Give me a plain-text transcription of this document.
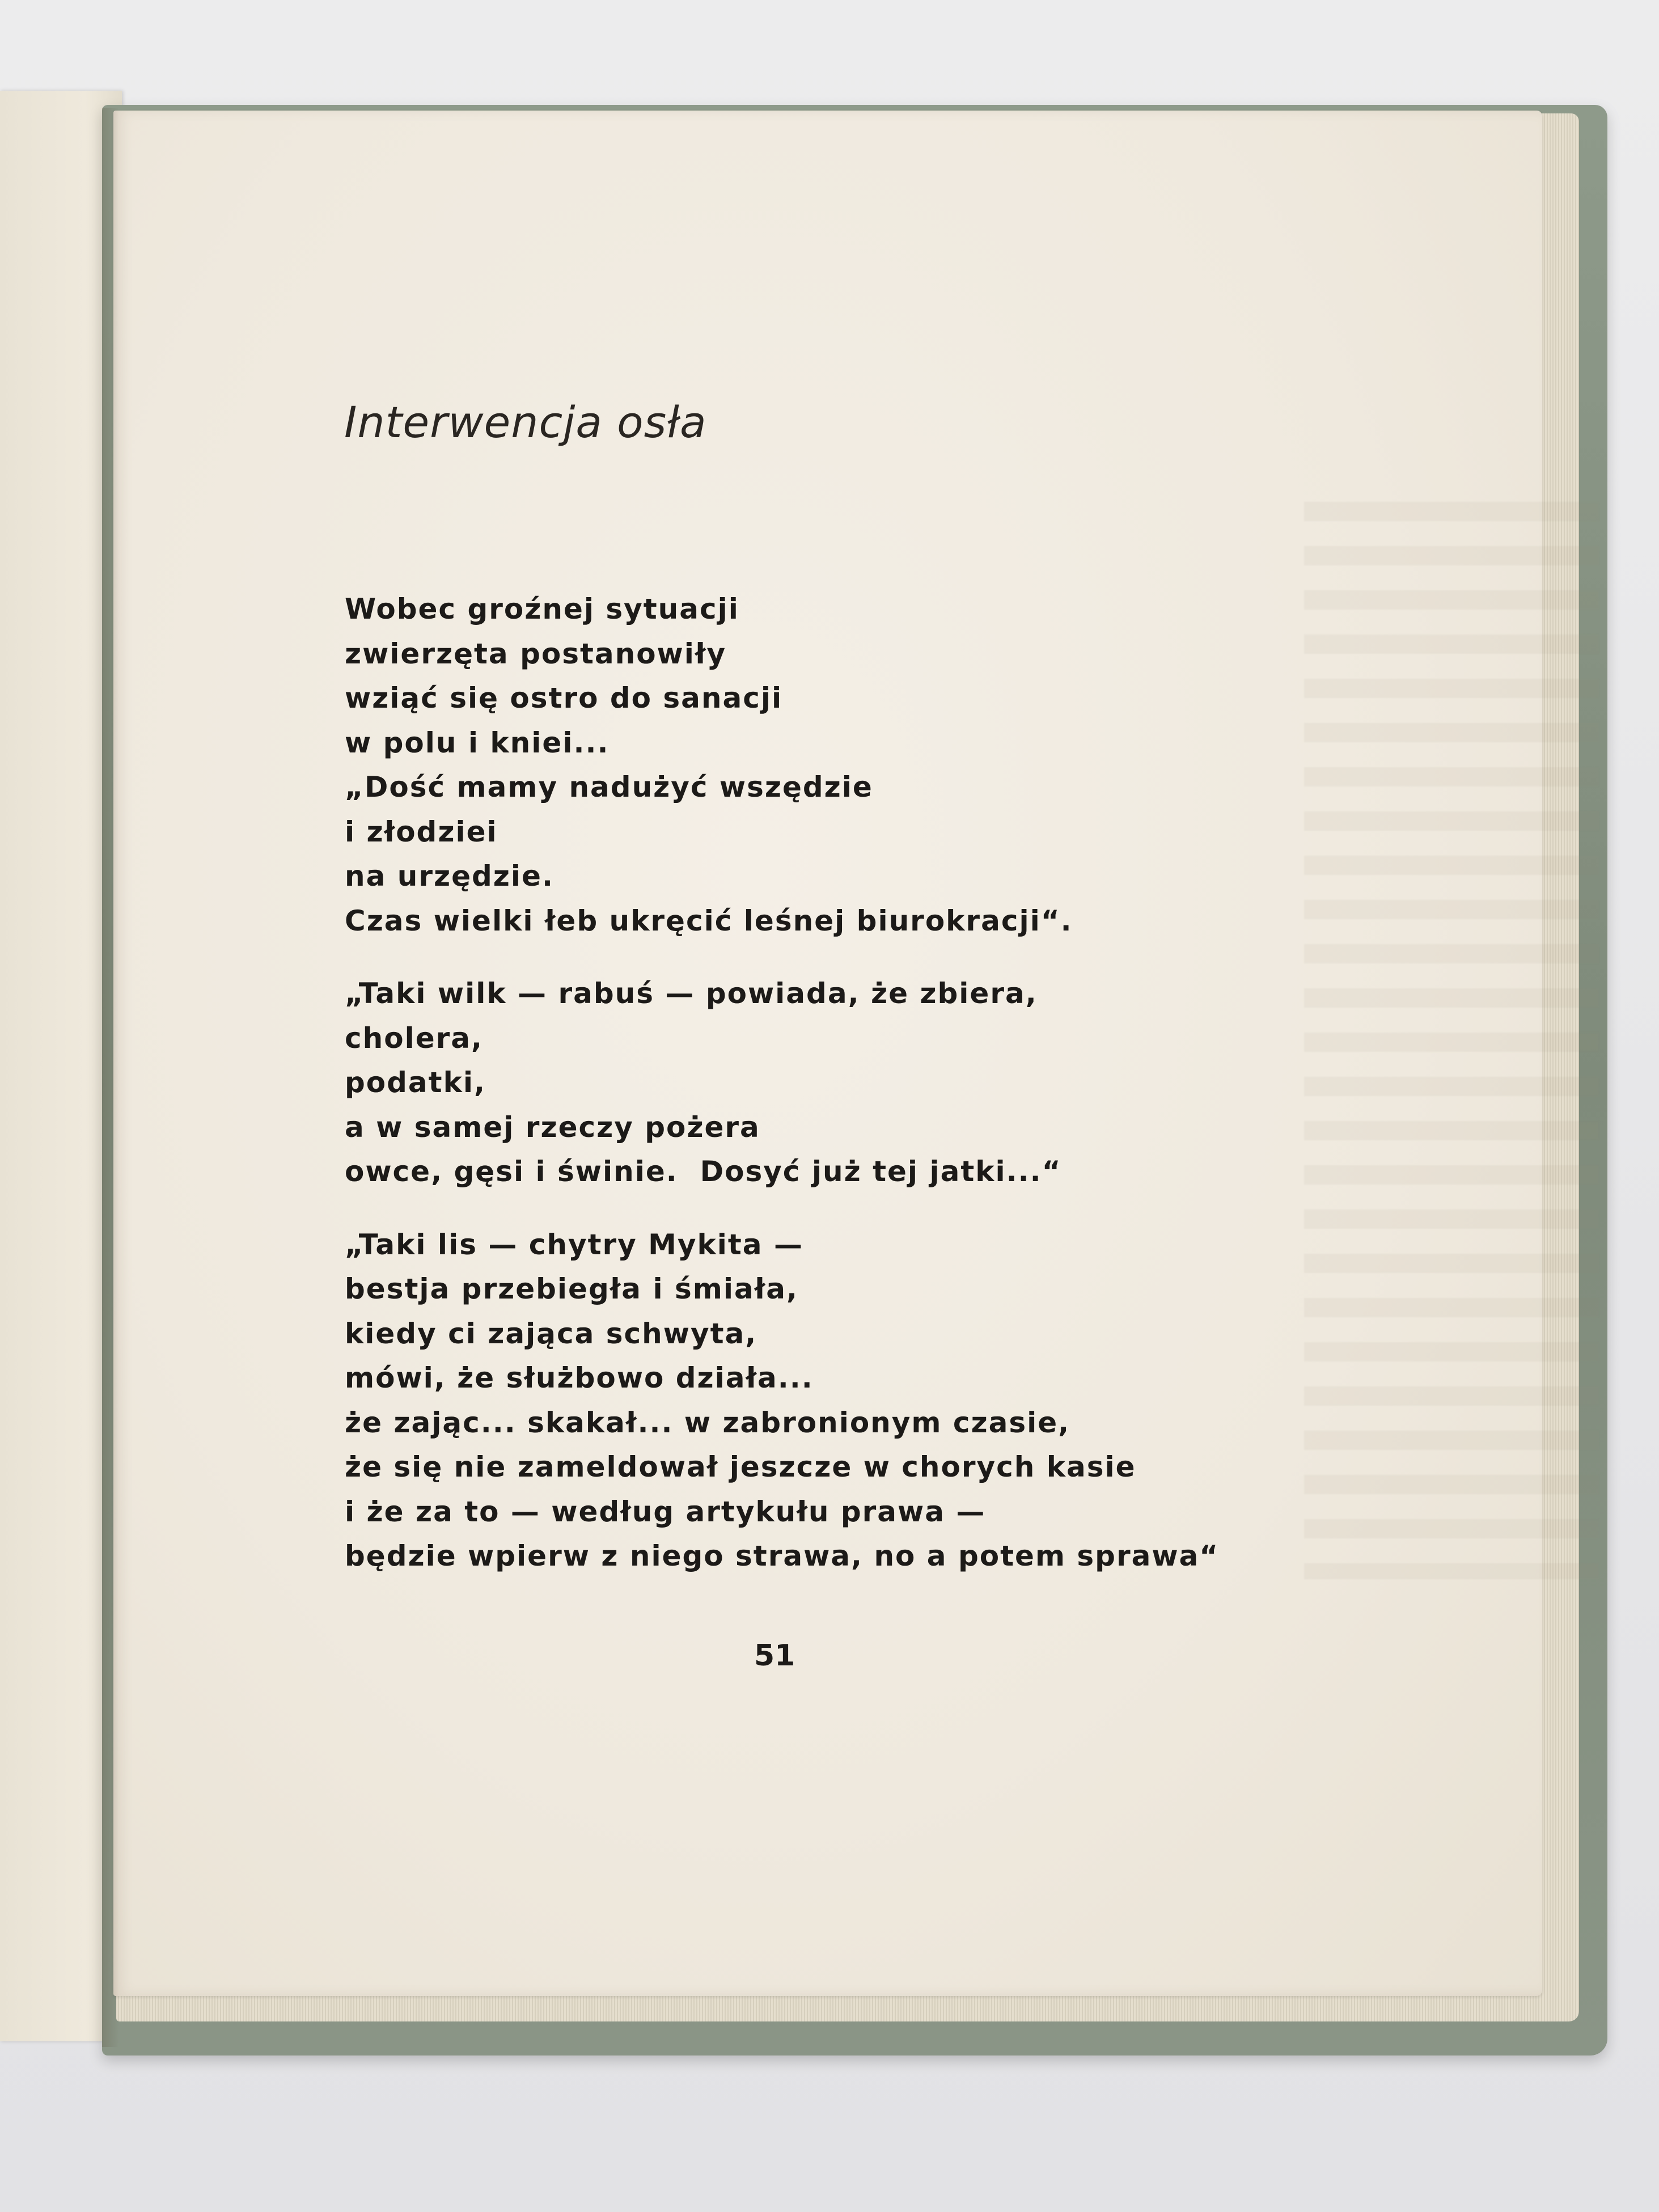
Interwencja osła
Wobec groźnej sytuacji
zwierzęta postanowiły
wziąć się ostro do sanacji
w polu i kniei...
„Dość mamy nadużyć wszędzie
i złodziei
na urzędzie.
Czas wielki łeb ukręcić leśnej biurokracji“.
„Taki wilk — rabuś — powiada, że zbiera,
cholera,
podatki,
a w samej rzeczy pożera
owce, gęsi i świnie.  Dosyć już tej jatki...“
„Taki lis — chytry Mykita —
bestja przebiegła i śmiała,
kiedy ci zająca schwyta,
mówi, że służbowo działa...
że zając... skakał... w zabronionym czasie,
że się nie zameldował jeszcze w chorych kasie
i że za to — według artykułu prawa —
będzie wpierw z niego strawa, no a potem sprawa“
51
